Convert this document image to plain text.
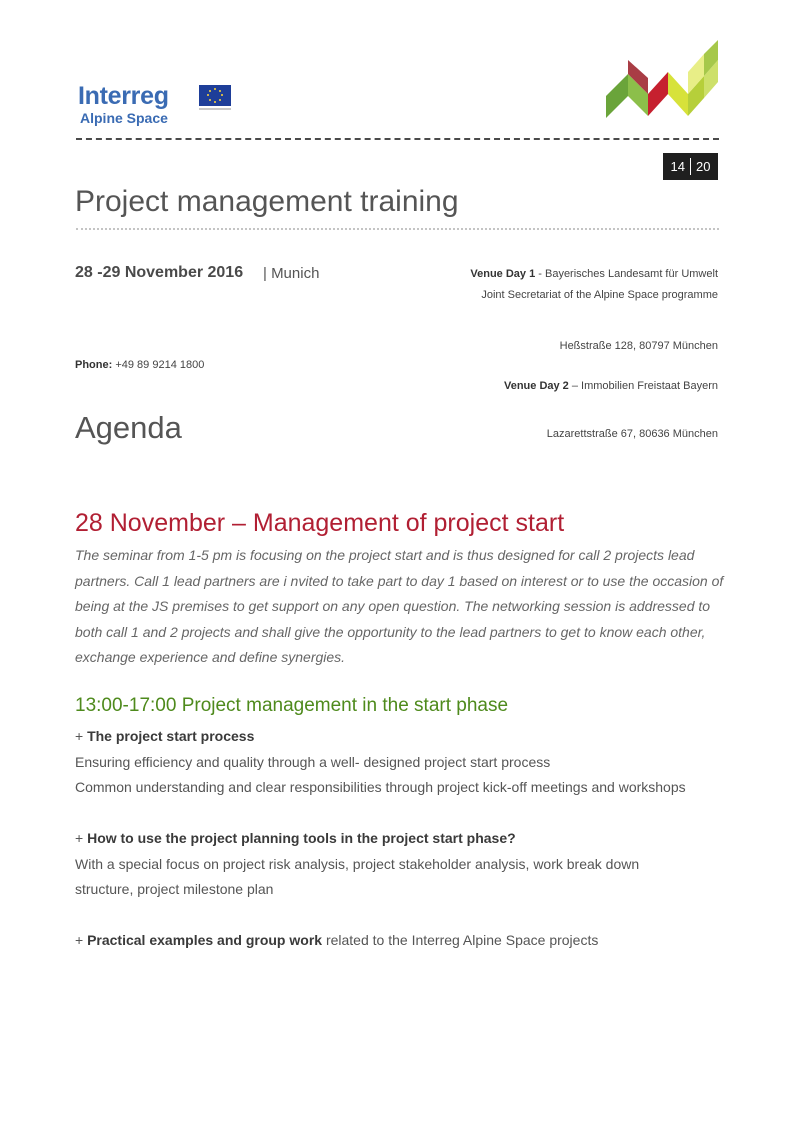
Interreg
Alpine Space
14 20
Project management training
28 -29 November 2016 | Munich	Venue Day 1 - Bayerisches Landesamt für Umwelt
Joint Secretariat of the Alpine Space programme
Heßstraße 128, 80797 München
Phone: +49 89 9214 1800
Venue Day 2 – Immobilien Freistaat Bayern
Agenda	Lazarettstraße 67, 80636 München
28 November – Management of project start
The seminar from 1-5 pm is focusing on the project start and is thus designed for call 2 projects lead partners. Call 1 lead partners are i nvited to take part to day 1 based on interest or to use the occasion of being at the JS premises to get support on any open question. The networking session is addressed to both call 1 and 2 projects and shall give the opportunity to the lead partners to get to know each other, exchange experience and define synergies.
13:00-17:00 Project management in the start phase
+ The project start process
Ensuring efficiency and quality through a well- designed project start process
Common understanding and clear responsibilities through project kick-off meetings and workshops
+ How to use the project planning tools in the project start phase?
With a special focus on project risk analysis, project stakeholder analysis, work break down
structure, project milestone plan
+ Practical examples and group work related to the Interreg Alpine Space projects
